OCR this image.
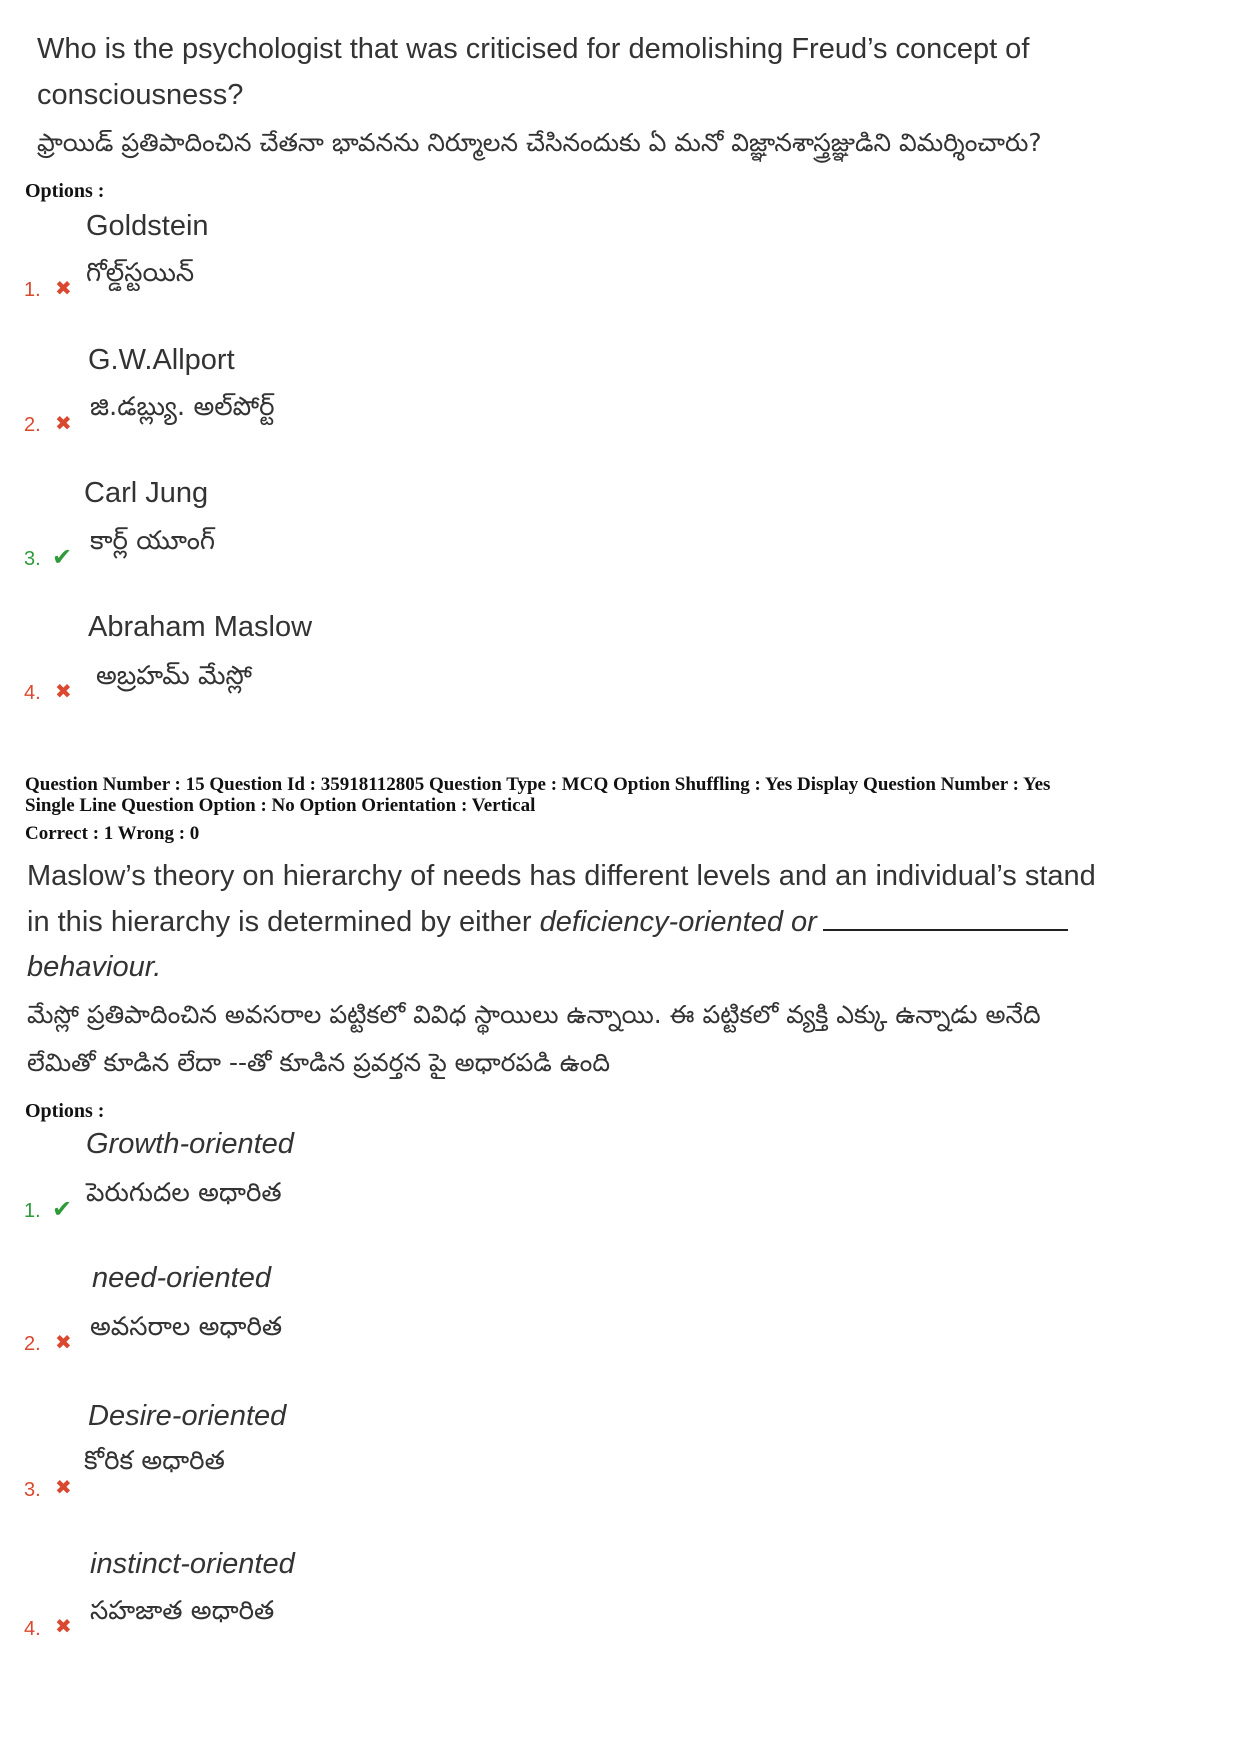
Who is the psychologist that was criticised for demolishing Freud’s concept of
consciousness?
ఫ్రాయిడ్ ప్రతిపాదించిన చేతనా భావనను నిర్మూలన చేసినందుకు ఏ మనో విజ్ఞానశాస్త్రజ్ఞుడిని విమర్శించారు?
Options :
Goldstein
గోల్డ్‌స్టయిన్
1. ✖
G.W.Allport
జి.డబ్ల్యు. అల్‌పోర్ట్
2. ✖
Carl Jung
కార్ల్ యూంగ్
3. ✔
Abraham Maslow
అబ్రహమ్ మేస్లో
4. ✖
Question Number : 15 Question Id : 35918112805 Question Type : MCQ Option Shuffling : Yes Display Question Number : Yes
Single Line Question Option : No Option Orientation : Vertical
Correct : 1 Wrong : 0
Maslow’s theory on hierarchy of needs has different levels and an individual’s stand
in this hierarchy is determined by either deficiency-oriented or
behaviour.
మేస్లో ప్రతిపాదించిన అవసరాల పట్టికలో వివిధ స్థాయిలు ఉన్నాయి. ఈ పట్టికలో వ్యక్తి ఎక్కు ఉన్నాడు అనేది
లేమితో కూడిన లేదా --తో కూడిన ప్రవర్తన పై అధారపడి ఉంది
Options :
Growth-oriented
పెరుగుదల అధారిత
1. ✔
need-oriented
అవసరాల అధారిత
2. ✖
Desire-oriented
కోరిక అధారిత
3. ✖
instinct-oriented
సహజాత అధారిత
4. ✖
